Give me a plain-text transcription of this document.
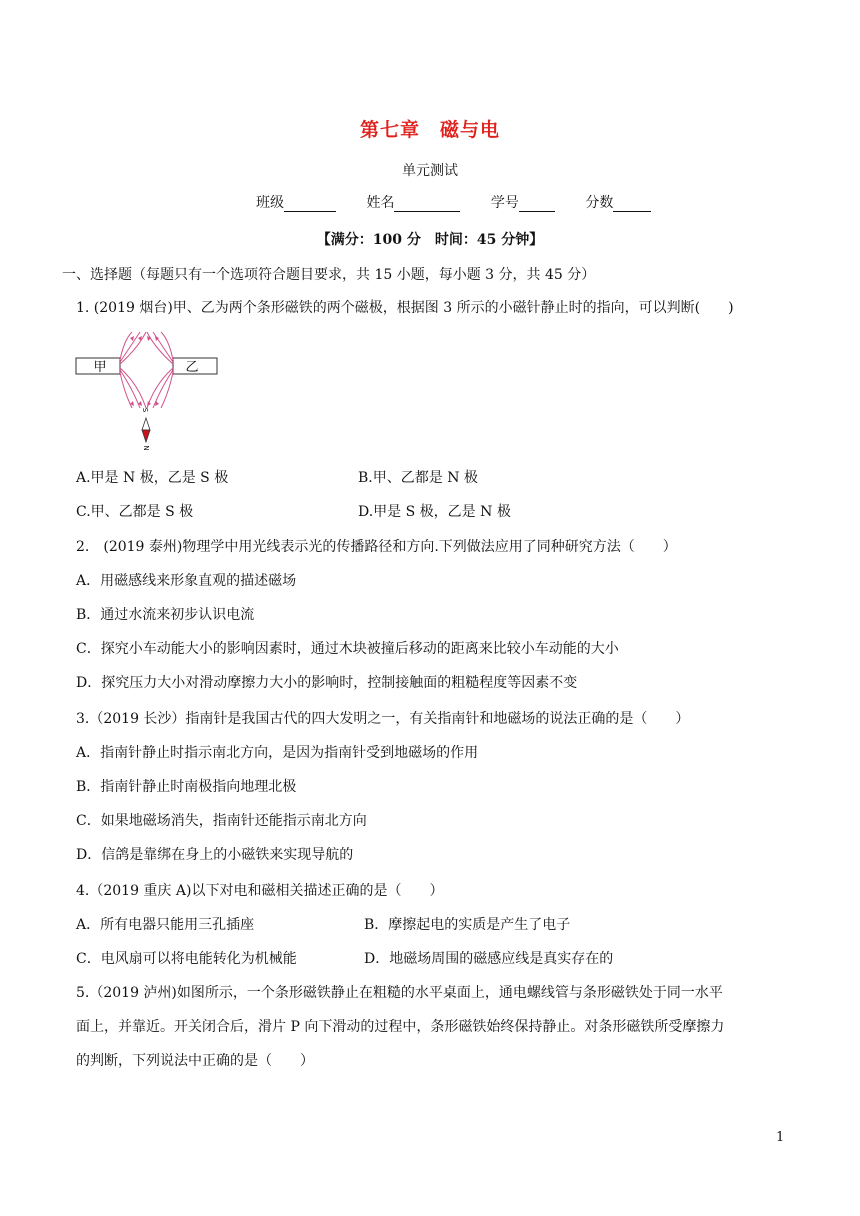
第七章　磁与电
单元测试
班级	姓名	学号	分数
【满分：100 分　时间：45 分钟】
一、选择题（每题只有一个选项符合题目要求，共 15 小题，每小题 3 分，共 45 分）
1. (2019 烟台)甲、乙为两个条形磁铁的两个磁极，根据图 3 所示的小磁针静止时的指向，可以判断(　　)
甲	乙
S
N
A.甲是 N 极，乙是 S 极	B.甲、乙都是 N 极
C.甲、乙都是 S 极	D.甲是 S 极，乙是 N 极
2.　(2019 泰州)物理学中用光线表示光的传播路径和方向.下列做法应用了同种研究方法（　　）
A．用磁感线来形象直观的描述磁场
B．通过水流来初步认识电流
C．探究小车动能大小的影响因素时，通过木块被撞后移动的距离来比较小车动能的大小
D．探究压力大小对滑动摩擦力大小的影响时，控制接触面的粗糙程度等因素不变
3.（2019 长沙）指南针是我国古代的四大发明之一，有关指南针和地磁场的说法正确的是（　　）
A．指南针静止时指示南北方向，是因为指南针受到地磁场的作用
B．指南针静止时南极指向地理北极
C．如果地磁场消失，指南针还能指示南北方向
D．信鸽是靠绑在身上的小磁铁来实现导航的
4.（2019 重庆 A)以下对电和磁相关描述正确的是（　　）
A．所有电器只能用三孔插座	B．摩擦起电的实质是产生了电子
C．电风扇可以将电能转化为机械能	D．地磁场周围的磁感应线是真实存在的
5.（2019 泸州)如图所示，一个条形磁铁静止在粗糙的水平桌面上，通电螺线管与条形磁铁处于同一水平
面上，并靠近。开关闭合后，滑片 P 向下滑动的过程中，条形磁铁始终保持静止。对条形磁铁所受摩擦力
的判断，下列说法中正确的是（　　）
1
